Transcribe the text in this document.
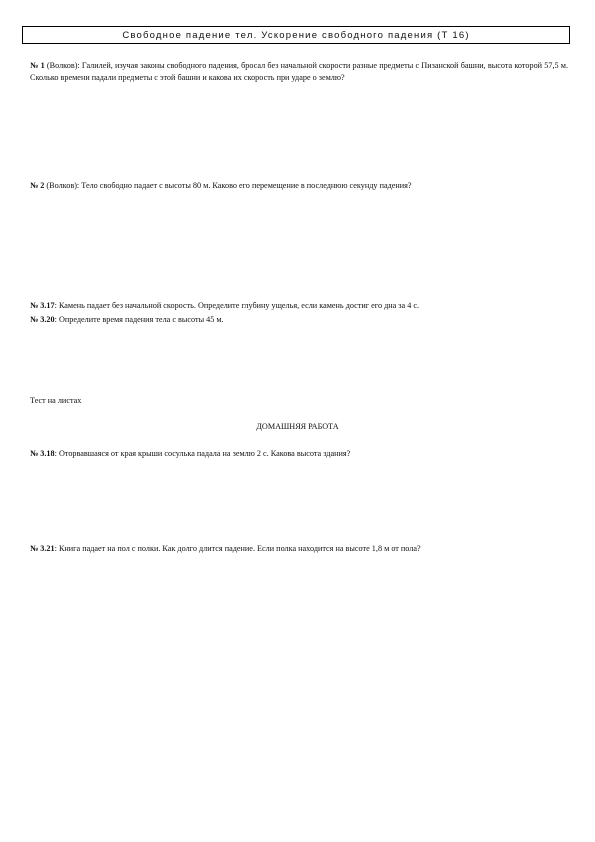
Свободное падение тел. Ускорение свободного падения (Т 16)
№ 1 (Волков): Галилей, изучая законы свободного падения, бросал без начальной скорости разные предметы с Пизанской башни, высота которой 57,5 м. Сколько времени падали предметы с этой башни и какова их скорость при ударе о землю?
№ 2 (Волков): Тело свободно падает с высоты 80 м. Каково его перемещение в последнюю секунду падения?
№ 3.17: Камень падает без начальной скорость. Определите глубину ущелья, если камень достиг его дна за 4 с.
№ 3.20: Определите время падения тела с высоты 45 м.
Тест на листах
ДОМАШНЯЯ РАБОТА
№ 3.18: Оторвавшаяся от края крыши сосулька падала на землю 2 с. Какова высота здания?
№ 3.21: Книга падает на пол с полки. Как долго длится падение. Если полка находится на высоте 1,8 м от пола?
